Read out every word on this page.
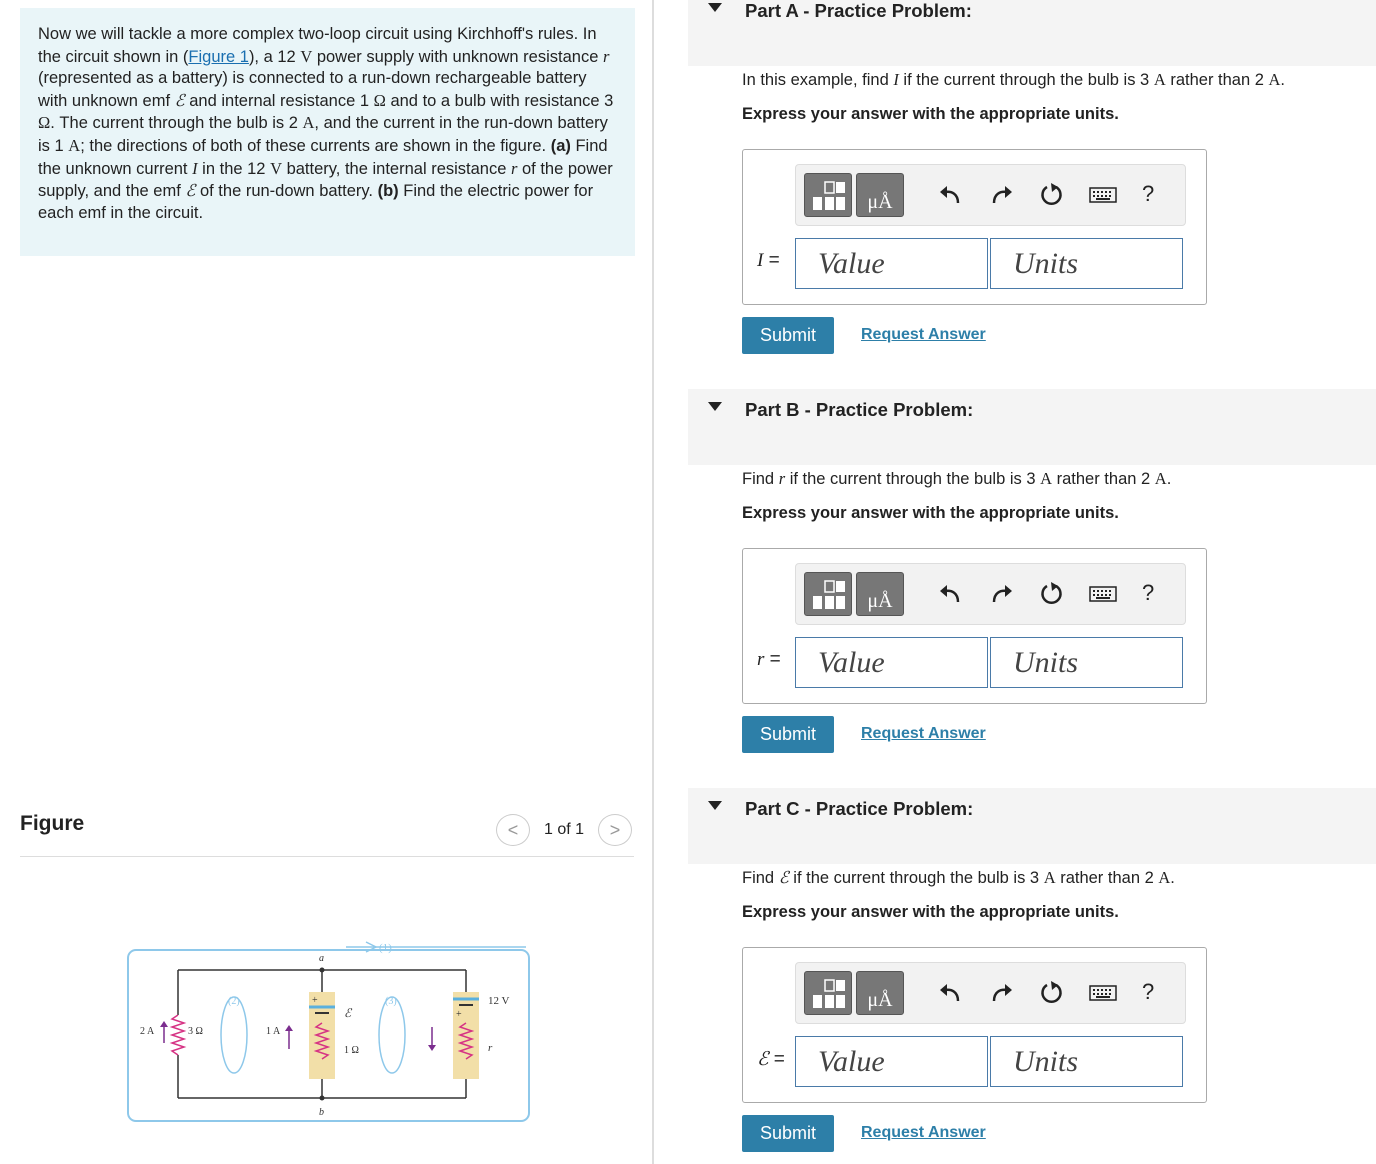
Now we will tackle a more complex two-loop circuit using Kirchhoff's rules. In the circuit shown in (Figure 1), a 12 V power supply with unknown resistance r (represented as a battery) is connected to a run-down rechargeable battery with unknown emf ℰ and internal resistance 1 Ω and to a bulb with resistance 3 Ω. The current through the bulb is 2 A, and the current in the run-down battery is 1 A; the directions of both of these currents are shown in the figure. (a) Find the unknown current I in the 12 V battery, the internal resistance r of the power supply, and the emf ℰ of the run-down battery. (b) Find the electric power for each emf in the circuit.
Figure	<	1 of 1	>
(1)
a
b
2 A	3 Ω
(2)
1 A
+
ℰ
1 Ω
(3)
+
12 V
r
Part A - Practice Problem:
In this example, find I if the current through the bulb is 3 A rather than 2 A.
Express your answer with the appropriate units.
μÅ	?
I =	Value	Units
Submit	Request Answer
Part B - Practice Problem:
Find r if the current through the bulb is 3 A rather than 2 A.
Express your answer with the appropriate units.
μÅ	?
r =	Value	Units
Submit	Request Answer
Part C - Practice Problem:
Find ℰ if the current through the bulb is 3 A rather than 2 A.
Express your answer with the appropriate units.
μÅ	?
ℰ =	Value	Units
Submit	Request Answer
